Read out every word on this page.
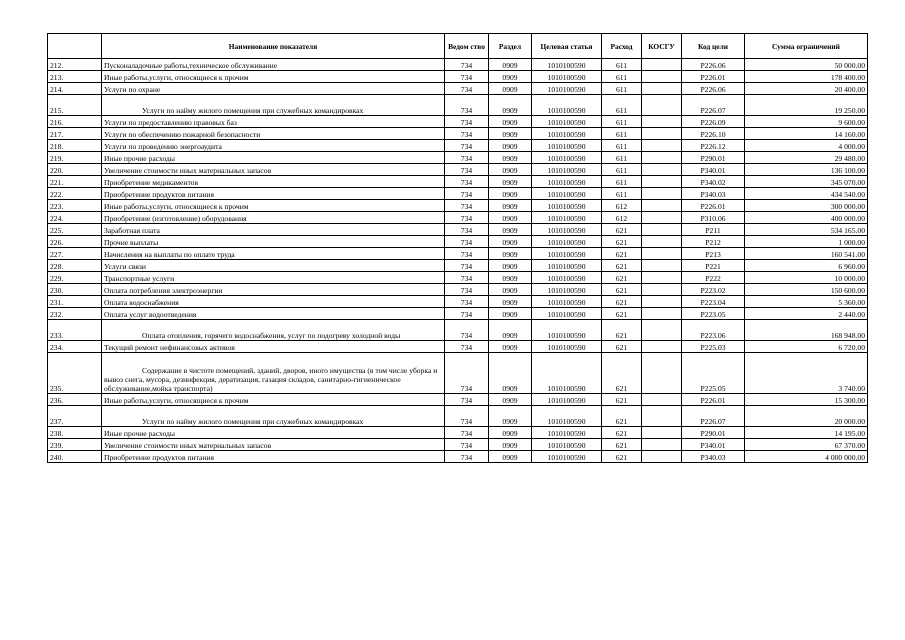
	Наименование показателя	Ведом ство	Раздел	Целевая статья	Расход	КОСГУ	Код цели	Сумма ограничений
212.	Пусконаладочные работы,техническое обслуживание	734	0909	1010100590	611		P226.06	50 000.00
213.	Иные работы,услуги, относящиеся к прочим	734	0909	1010100590	611		P226.01	178 400.00
214.	Услуги по охране	734	0909	1010100590	611		P226.06	20 400.00
215.	Услуги по найму жилого помещения при служебных командировках	734	0909	1010100590	611		P226.07	19 250.00
216.	Услуги по предоставлению правовых баз	734	0909	1010100590	611		P226.09	9 600.00
217.	Услуги по обеспечению пожарной безопасности	734	0909	1010100590	611		P226.10	14 160.00
218.	Услуги по проведению энергоаудита	734	0909	1010100590	611		P226.12	4 000.00
219.	Иные прочие расходы	734	0909	1010100590	611		P290.01	29 480.00
220.	Увеличение стоимости иных материальных запасов	734	0909	1010100590	611		P340.01	136 100.00
221.	Приобретение медикаментов	734	0909	1010100590	611		P340.02	345 070.00
222.	Приобретение продуктов питания	734	0909	1010100590	611		P340.03	434 540.00
223.	Иные работы,услуги, относящиеся к прочим	734	0909	1010100590	612		P226.01	300 000.00
224.	Приобретение (изготовление) оборудования	734	0909	1010100590	612		P310.06	400 000.00
225.	Заработная плата	734	0909	1010100590	621		P211	534 165.00
226.	Прочие выплаты	734	0909	1010100590	621		P212	1 000.00
227.	Начисления на выплаты по оплате труда	734	0909	1010100590	621		P213	160 541.00
228.	Услуги связи	734	0909	1010100590	621		P221	6 960.00
229.	Транспортные услуги	734	0909	1010100590	621		P222	10 000.00
230.	Оплата потребления электроэнергии	734	0909	1010100590	621		P223.02	150 600.00
231.	Оплата водоснабжения	734	0909	1010100590	621		P223.04	5 360.00
232.	Оплата услуг водоотведения	734	0909	1010100590	621		P223.05	2 440.00
233.	Оплата отопления, горячего водоснабжения, услуг по подогреву холодной воды	734	0909	1010100590	621		P223.06	168 948.00
234.	Текущий ремонт нефинансовых активов	734	0909	1010100590	621		P225.03	6 720.00
235.	Содержание в чистоте помещений, зданий, дворов, иного имущества (в том числе уборка и вывоз снега, мусора, дезинфекция, дератизация, газация складов, санитарно-гигиеническое обслуживание,мойка транспорта)	734	0909	1010100590	621		P225.05	3 740.00
236.	Иные работы,услуги, относящиеся к прочим	734	0909	1010100590	621		P226.01	15 300.00
237.	Услуги по найму жилого помещения при служебных командировках	734	0909	1010100590	621		P226.07	20 000.00
238.	Иные прочие расходы	734	0909	1010100590	621		P290.01	14 195.00
239.	Увеличение стоимости иных материальных запасов	734	0909	1010100590	621		P340.01	67 370.00
240.	Приобретение продуктов питания	734	0909	1010100590	621		P340.03	4 000 000.00
